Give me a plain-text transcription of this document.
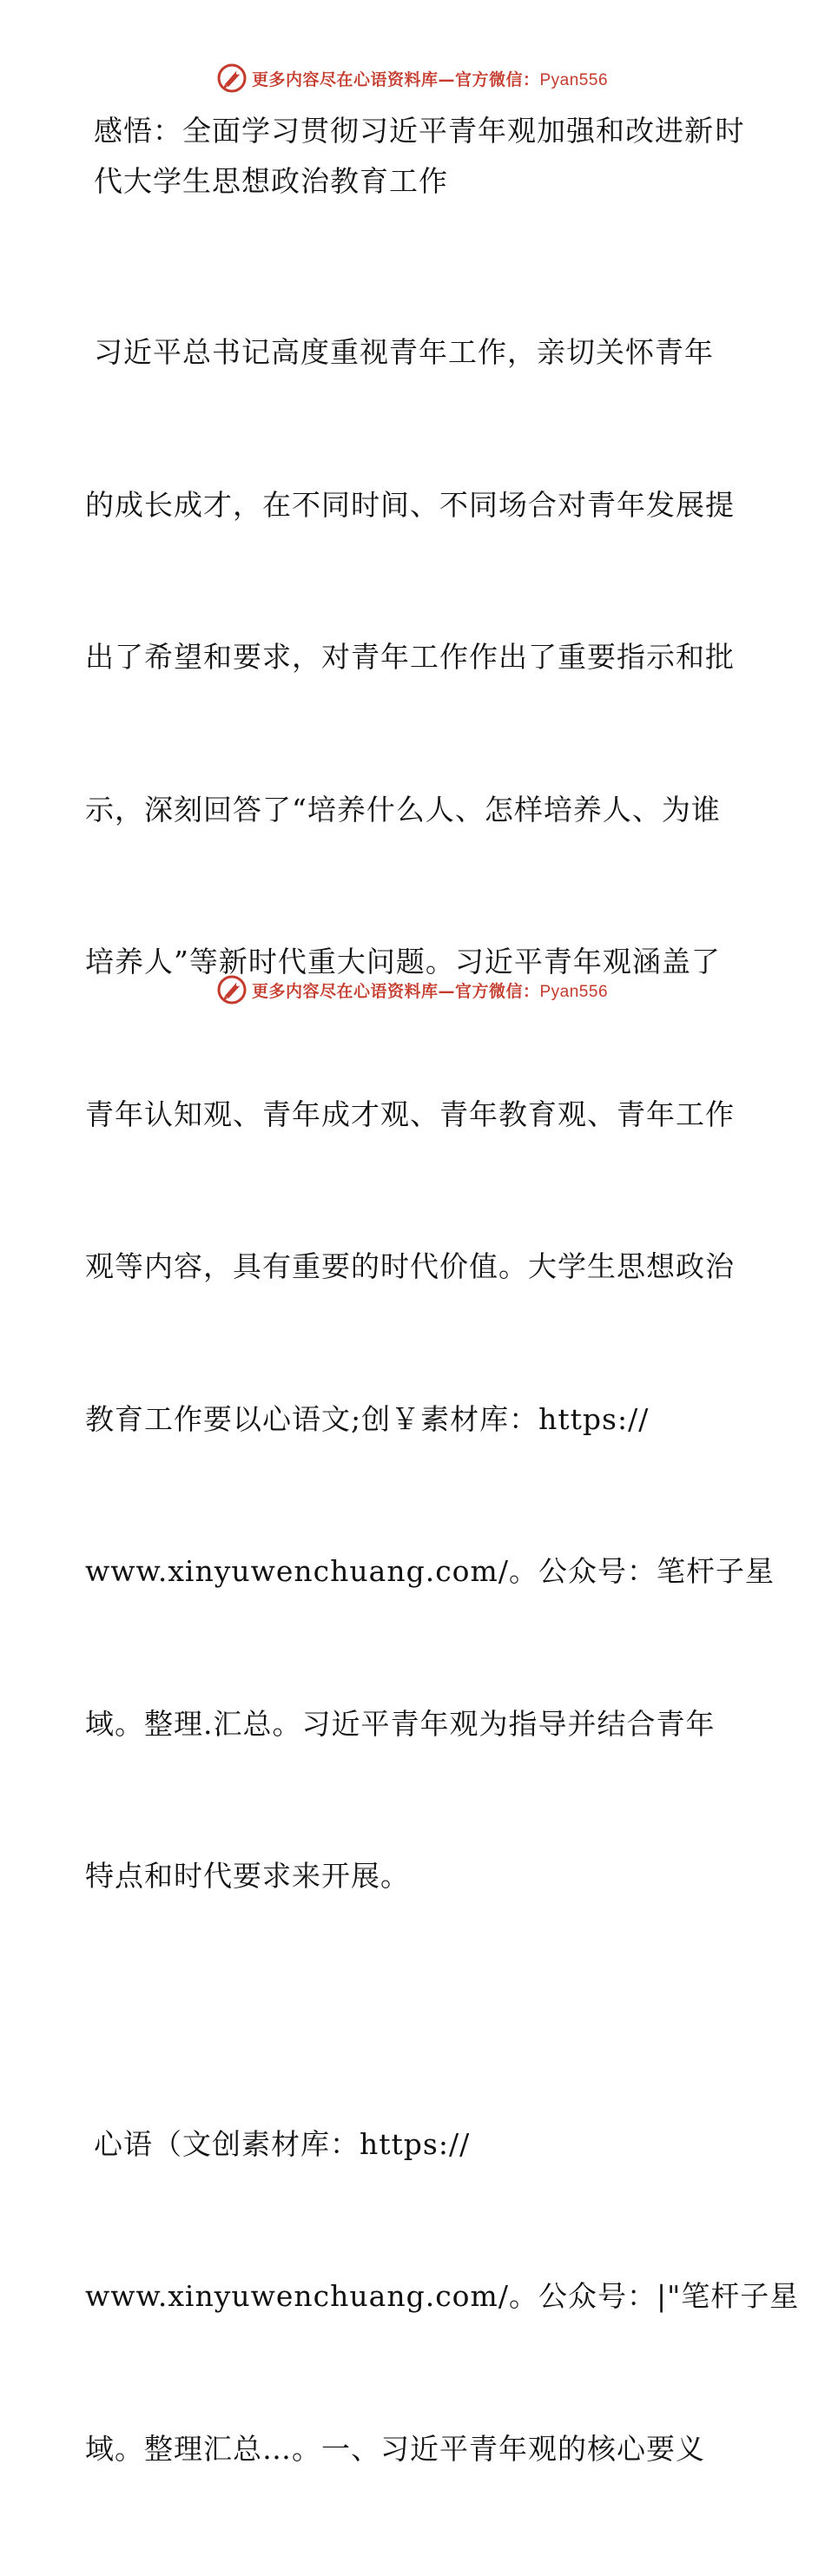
更多内容尽在心语资料库—官方微信：Pyan556
感悟：全面学习贯彻习近平青年观加强和改进新 时代大学生思想政治教育工作

习近平总书记高度重视青年工作，亲切关怀青年

的成长成才，在不同时间、不同场合对青年发展提

出了希望和要求，对青年工作作出了重要指示和批

示，深刻回答了“培养什么人、怎样培养人、为谁

培养人”等新时代重大问题。习近平青年观涵盖了

青年认知观、青年成才观、青年教育观、青年工作

观等内容，具有重要的时代价值。大学生思想政治

教育工作要以心语文;创￥素材库：https://

www.xinyuwenchuang.com/。公众号：笔杆子星

域。整理.汇总。习近平青年观为指导并结合青年

特点和时代要求来开展。

心语（文创素材库：https://

www.xinyuwenchuang.com/。公众号：|"笔杆子星

域。整理汇总…。一、习近平青年观的核心要义

更多内容尽在心语资料库—官方微信：Pyan556
